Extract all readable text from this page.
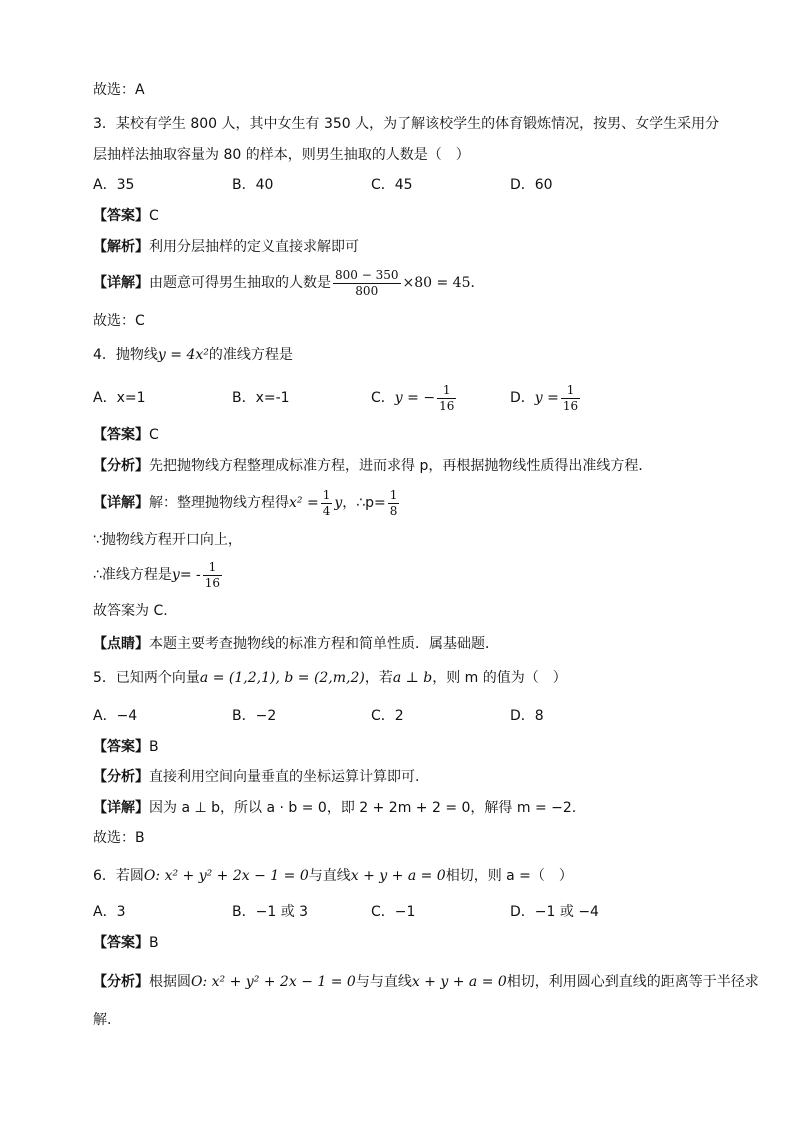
故选：A
3．某校有学生 800 人，其中女生有 350 人，为了解该校学生的体育锻炼情况，按男、女学生采用分
层抽样法抽取容量为 80 的样本，则男生抽取的人数是（　）
A．35	B．40	C．45	D．60
【答案】C
【解析】利用分层抽样的定义直接求解即可
【详解】由题意可得男生抽取的人数是 $\frac{800 - 350}{800} \times 80 = 45$．
故选：C
4．抛物线y = 4x²的准线方程是
A．x=1	B．x=-1	C．y = − $\frac{1}{16}$	D．$y = \frac{1}{16}$
【答案】C
【分析】先把抛物线方程整理成标准方程，进而求得 p，再根据抛物线性质得出准线方程．
【详解】解：整理抛物线方程得$x^2 = \frac{1}{4}$ y，∴p= $\frac{1}{8}$
∵抛物线方程开口向上，
∴准线方程是$y= - \frac{1}{16}$
故答案为 C.
【点睛】本题主要考查抛物线的标准方程和简单性质．属基础题．
5．已知两个向量a = (1,2,1), b = (2,m,2)，若a ⊥ b，则 m 的值为（　）
A．−4	B．−2	C．2	D．8
【答案】B
【分析】直接利用空间向量垂直的坐标运算计算即可.
【详解】因为 a ⊥ b，所以 a · b = 0，即 2 + 2m + 2 = 0，解得 m = −2.
故选：B
6．若圆O: x² + y² + 2x − 1 = 0与直线x + y + a = 0相切，则 a =（　）
A．3	B．−1 或 3	C．−1	D．−1 或 −4
【答案】B
【分析】根据圆O: x² + y² + 2x − 1 = 0与与直线x + y + a = 0相切，利用圆心到直线的距离等于半径求
解.
